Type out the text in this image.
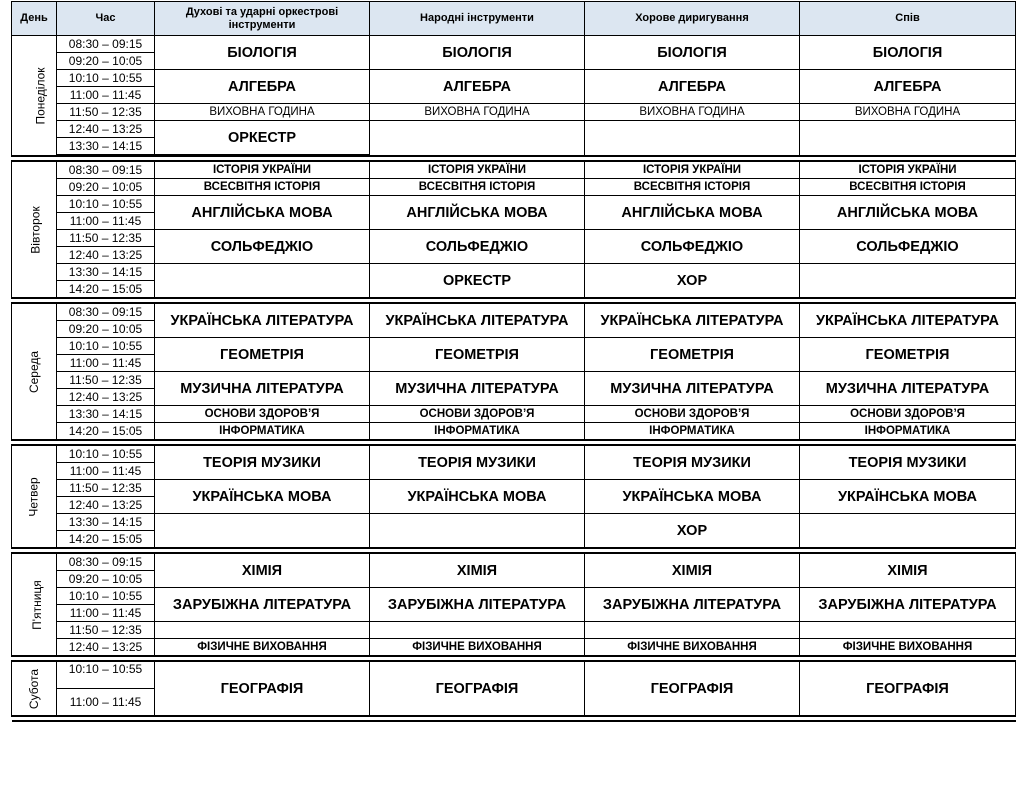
День	Час	Духові та ударні оркестрові інструменти	Народні інструменти	Хорове диригування	Спів
Понеділок	08:30 – 09:15	БІОЛОГІЯ	БІОЛОГІЯ	БІОЛОГІЯ	БІОЛОГІЯ
	09:20 – 10:05				
	10:10 – 10:55	АЛГЕБРА	АЛГЕБРА	АЛГЕБРА	АЛГЕБРА
	11:00 – 11:45				
	11:50 – 12:35	ВИХОВНА ГОДИНА	ВИХОВНА ГОДИНА	ВИХОВНА ГОДИНА	ВИХОВНА ГОДИНА
	12:40 – 13:25	ОРКЕСТР			
	13:30 – 14:15				

Вівторок	08:30 – 09:15	ІСТОРІЯ УКРАЇНИ	ІСТОРІЯ УКРАЇНИ	ІСТОРІЯ УКРАЇНИ	ІСТОРІЯ УКРАЇНИ
	09:20 – 10:05	ВСЕСВІТНЯ ІСТОРІЯ	ВСЕСВІТНЯ ІСТОРІЯ	ВСЕСВІТНЯ ІСТОРІЯ	ВСЕСВІТНЯ ІСТОРІЯ
	10:10 – 10:55	АНГЛІЙСЬКА МОВА	АНГЛІЙСЬКА МОВА	АНГЛІЙСЬКА МОВА	АНГЛІЙСЬКА МОВА
	11:00 – 11:45				
	11:50 – 12:35	СОЛЬФЕДЖІО	СОЛЬФЕДЖІО	СОЛЬФЕДЖІО	СОЛЬФЕДЖІО
	12:40 – 13:25				
	13:30 – 14:15		ОРКЕСТР	ХОР	
	14:20 – 15:05				

Середа	08:30 – 09:15	УКРАЇНСЬКА ЛІТЕРАТУРА	УКРАЇНСЬКА ЛІТЕРАТУРА	УКРАЇНСЬКА ЛІТЕРАТУРА	УКРАЇНСЬКА ЛІТЕРАТУРА
	09:20 – 10:05				
	10:10 – 10:55	ГЕОМЕТРІЯ	ГЕОМЕТРІЯ	ГЕОМЕТРІЯ	ГЕОМЕТРІЯ
	11:00 – 11:45				
	11:50 – 12:35	МУЗИЧНА ЛІТЕРАТУРА	МУЗИЧНА ЛІТЕРАТУРА	МУЗИЧНА ЛІТЕРАТУРА	МУЗИЧНА ЛІТЕРАТУРА
	12:40 – 13:25				
	13:30 – 14:15	ОСНОВИ ЗДОРОВ’Я	ОСНОВИ ЗДОРОВ’Я	ОСНОВИ ЗДОРОВ’Я	ОСНОВИ ЗДОРОВ’Я
	14:20 – 15:05	ІНФОРМАТИКА	ІНФОРМАТИКА	ІНФОРМАТИКА	ІНФОРМАТИКА

Четвер	10:10 – 10:55	ТЕОРІЯ МУЗИКИ	ТЕОРІЯ МУЗИКИ	ТЕОРІЯ МУЗИКИ	ТЕОРІЯ МУЗИКИ
	11:00 – 11:45				
	11:50 – 12:35	УКРАЇНСЬКА МОВА	УКРАЇНСЬКА МОВА	УКРАЇНСЬКА МОВА	УКРАЇНСЬКА МОВА
	12:40 – 13:25				
	13:30 – 14:15			ХОР	
	14:20 – 15:05				

П'ятниця	08:30 – 09:15	ХІМІЯ	ХІМІЯ	ХІМІЯ	ХІМІЯ
	09:20 – 10:05				
	10:10 – 10:55	ЗАРУБІЖНА ЛІТЕРАТУРА	ЗАРУБІЖНА ЛІТЕРАТУРА	ЗАРУБІЖНА ЛІТЕРАТУРА	ЗАРУБІЖНА ЛІТЕРАТУРА
	11:00 – 11:45				
	11:50 – 12:35				
	12:40 – 13:25	ФІЗИЧНЕ ВИХОВАННЯ	ФІЗИЧНЕ ВИХОВАННЯ	ФІЗИЧНЕ ВИХОВАННЯ	ФІЗИЧНЕ ВИХОВАННЯ

Субота	10:10 – 10:55	ГЕОГРАФІЯ	ГЕОГРАФІЯ	ГЕОГРАФІЯ	ГЕОГРАФІЯ
	11:00 – 11:45				
